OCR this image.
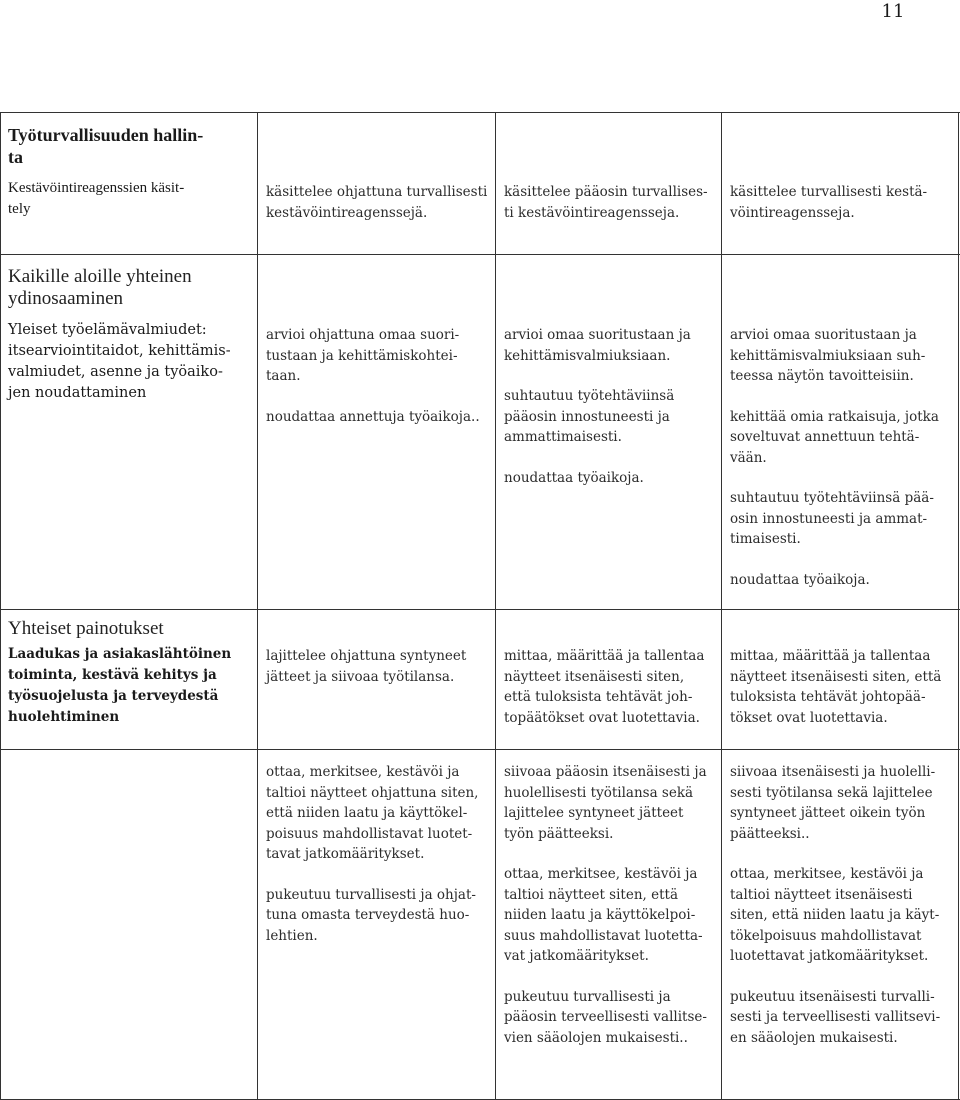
11
Työturvallisuuden hallin-
ta

Kestävöintireagenssien käsit-
tely

käsittelee ohjattuna turvallisesti
kestävöintireagenssejä.

käsittelee pääosin turvallises-
ti kestävöintireagensseja.

käsittelee turvallisesti kestä-
vöintireagensseja.

Kaikille aloille yhteinen
ydinosaaminen

Yleiset työelämävalmiudet:
itsearviointitaidot, kehittämis-
valmiudet, asenne ja työaiko-
jen noudattaminen

arvioi ohjattuna omaa suori-
tustaan ja kehittämiskohtei-
taan.

noudattaa annettuja työaikoja..

arvioi omaa suoritustaan ja
kehittämisvalmiuksiaan.

suhtautuu työtehtäviinsä
pääosin innostuneesti ja
ammattimaisesti.

noudattaa työaikoja.

arvioi omaa suoritustaan ja
kehittämisvalmiuksiaan suh-
teessa näytön tavoitteisiin.

kehittää omia ratkaisuja, jotka
soveltuvat annettuun tehtä-
vään.

suhtautuu työtehtäviinsä pää-
osin innostuneesti ja ammat-
timaisesti.

noudattaa työaikoja.

Yhteiset painotukset

Laadukas ja asiakaslähtöinen
toiminta, kestävä kehitys ja
työsuojelusta ja terveydestä
huolehtiminen

lajittelee ohjattuna syntyneet
jätteet ja siivoaa työtilansa.

mittaa, määrittää ja tallentaa
näytteet itsenäisesti siten,
että tuloksista tehtävät joh-
topäätökset ovat luotettavia.

mittaa, määrittää ja tallentaa
näytteet itsenäisesti siten, että
tuloksista tehtävät johtopää-
tökset ovat luotettavia.

ottaa, merkitsee, kestävöi ja
taltioi näytteet ohjattuna siten,
että niiden laatu ja käyttökel-
poisuus mahdollistavat luotet-
tavat jatkomääritykset.

pukeutuu turvallisesti ja ohjat-
tuna omasta terveydestä huo-
lehtien.

siivoaa pääosin itsenäisesti ja
huolellisesti työtilansa sekä
lajittelee syntyneet jätteet
työn päätteeksi.

ottaa, merkitsee, kestävöi ja
taltioi näytteet siten, että
niiden laatu ja käyttökelpoi-
suus mahdollistavat luotetta-
vat jatkomääritykset.

pukeutuu turvallisesti ja
pääosin terveellisesti vallitse-
vien sääolojen mukaisesti..

siivoaa itsenäisesti ja huolelli-
sesti työtilansa sekä lajittelee
syntyneet jätteet oikein työn
päätteeksi..

ottaa, merkitsee, kestävöi ja
taltioi näytteet itsenäisesti
siten, että niiden laatu ja käyt-
tökelpoisuus mahdollistavat
luotettavat jatkomääritykset.

pukeutuu itsenäisesti turvalli-
sesti ja terveellisesti vallitsevi-
en sääolojen mukaisesti.
